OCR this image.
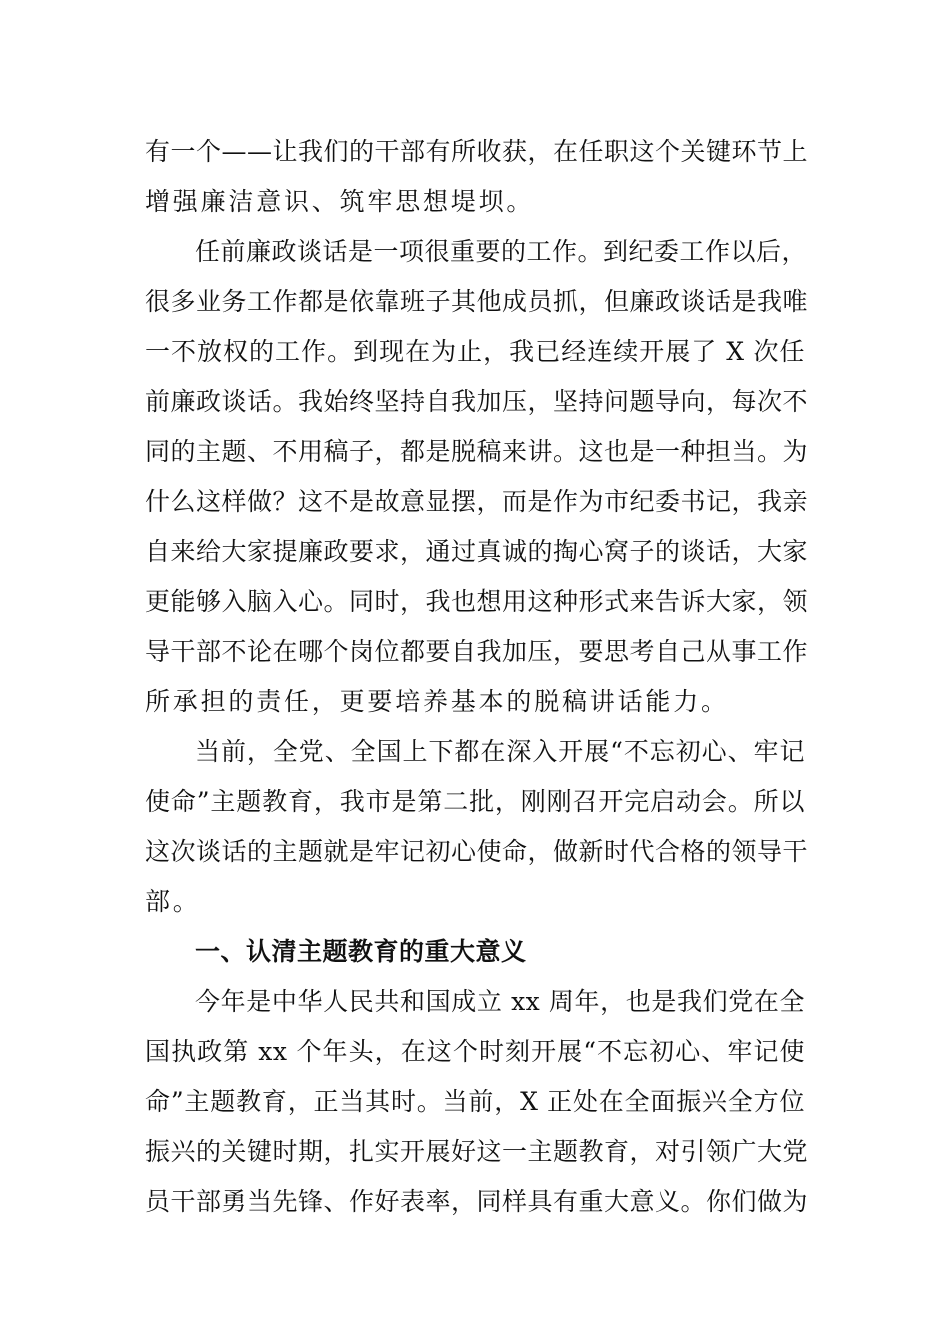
有一个——让我们的干部有所收获，在任职这个关键环节上
增强廉洁意识、筑牢思想堤坝。
任前廉政谈话是一项很重要的工作。到纪委工作以后，
很多业务工作都是依靠班子其他成员抓，但廉政谈话是我唯
一不放权的工作。到现在为止，我已经连续开展了 X 次任
前廉政谈话。我始终坚持自我加压，坚持问题导向，每次不
同的主题、不用稿子，都是脱稿来讲。这也是一种担当。为
什么这样做？这不是故意显摆，而是作为市纪委书记，我亲
自来给大家提廉政要求，通过真诚的掏心窝子的谈话，大家
更能够入脑入心。同时，我也想用这种形式来告诉大家，领
导干部不论在哪个岗位都要自我加压，要思考自己从事工作
所承担的责任，更要培养基本的脱稿讲话能力。
当前，全党、全国上下都在深入开展“不忘初心、牢记
使命”主题教育，我市是第二批，刚刚召开完启动会。所以
这次谈话的主题就是牢记初心使命，做新时代合格的领导干
部。
一、认清主题教育的重大意义
今年是中华人民共和国成立 xx 周年，也是我们党在全
国执政第 xx 个年头，在这个时刻开展“不忘初心、牢记使
命”主题教育，正当其时。当前，X 正处在全面振兴全方位
振兴的关键时期，扎实开展好这一主题教育，对引领广大党
员干部勇当先锋、作好表率，同样具有重大意义。你们做为
